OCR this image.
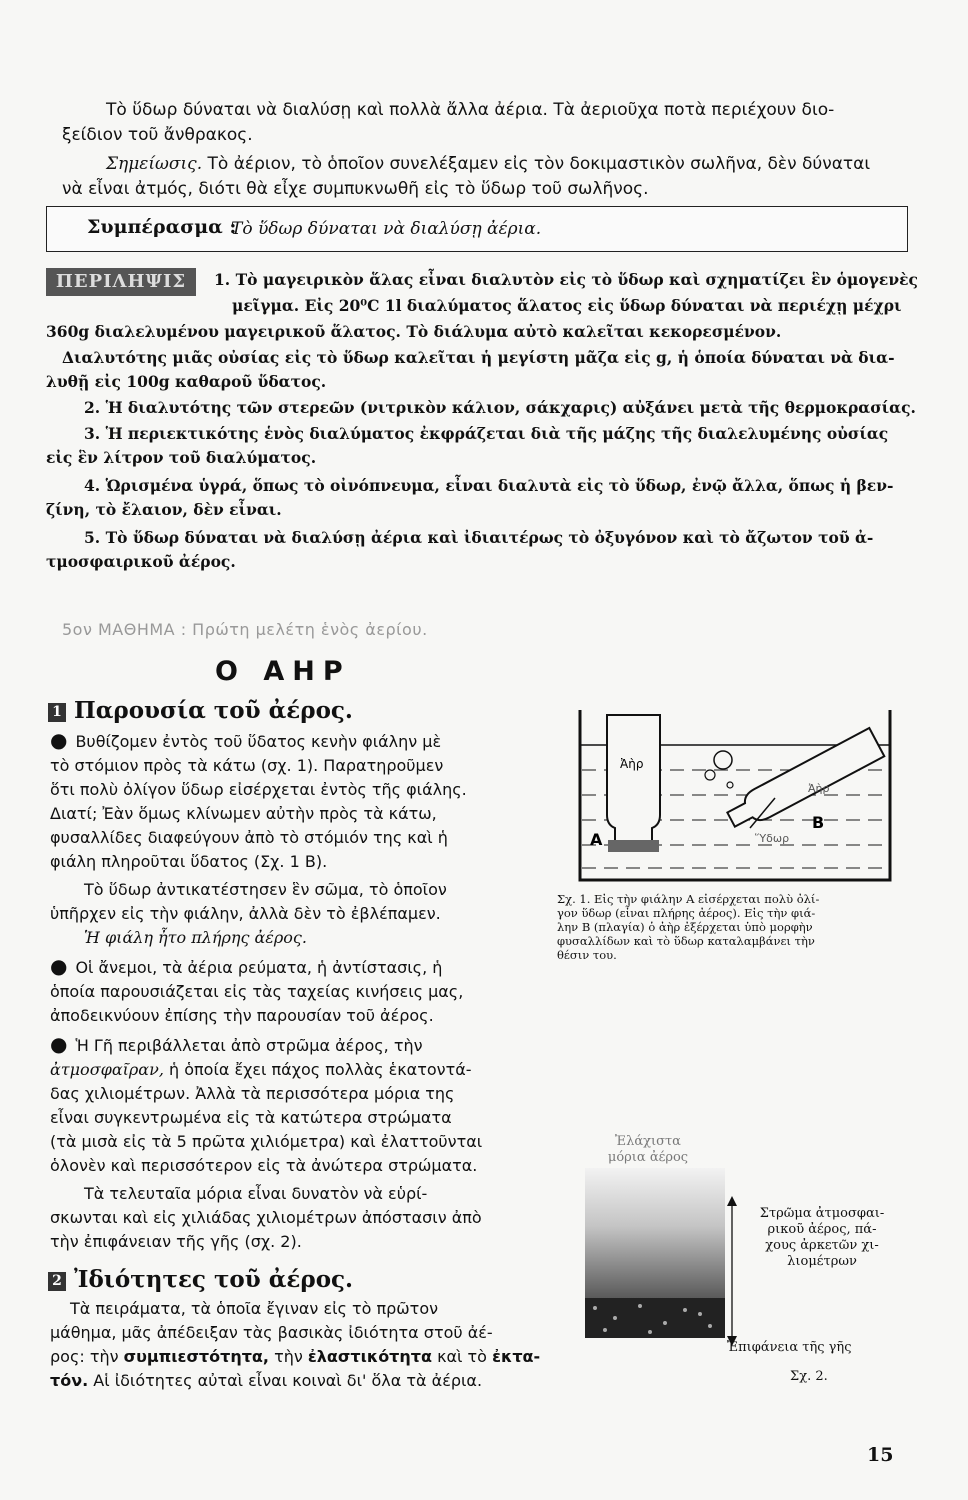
Τὸ ὕδωρ δύναται νὰ διαλύσῃ καὶ πολλὰ ἄλλα ἀέρια. Τὰ ἀεριοῦχα ποτὰ περιέχουν διο-
ξείδιον τοῦ ἄνθρακος.
Σημείωσις. Τὸ ἀέριον, τὸ ὁποῖον συνελέξαμεν εἰς τὸν δοκιμαστικὸν σωλῆνα, δὲν δύναται
νὰ εἶναι ἀτμός, διότι θὰ εἶχε συμπυκνωθῆ εἰς τὸ ὕδωρ τοῦ σωλῆνος.
Συμπέρασμα :
Τὸ ὕδωρ δύναται νὰ διαλύσῃ ἀέρια.
ΠΕΡΙΛΗΨΙΣ	1. Τὸ μαγειρικὸν ἅλας εἶναι διαλυτὸν εἰς τὸ ὕδωρ καὶ σχηματίζει ἓν ὁμογενὲς
μεῖγμα. Εἰς 20⁰C 1l διαλύματος ἅλατος εἰς ὕδωρ δύναται νὰ περιέχῃ μέχρι
360g διαλελυμένου μαγειρικοῦ ἅλατος. Τὸ διάλυμα αὐτὸ καλεῖται κεκορεσμένον.
Διαλυτότης μιᾶς οὐσίας εἰς τὸ ὕδωρ καλεῖται ἡ μεγίστη μᾶζα εἰς g, ἡ ὁποία δύναται νὰ δια-
λυθῇ εἰς 100g καθαροῦ ὕδατος.
2. Ἡ διαλυτότης τῶν στερεῶν (νιτρικὸν κάλιον, σάκχαρις) αὐξάνει μετὰ τῆς θερμοκρασίας.
3. Ἡ περιεκτικότης ἑνὸς διαλύματος ἐκφράζεται διὰ τῆς μάζης τῆς διαλελυμένης οὐσίας
εἰς ἓν λίτρον τοῦ διαλύματος.
4. Ὡρισμένα ὑγρά, ὅπως τὸ οἰνόπνευμα, εἶναι διαλυτὰ εἰς τὸ ὕδωρ, ἐνῷ ἄλλα, ὅπως ἡ βεν-
ζίνη, τὸ ἔλαιον, δὲν εἶναι.
5. Τὸ ὕδωρ δύναται νὰ διαλύσῃ ἀέρια καὶ ἰδιαιτέρως τὸ ὀξυγόνον καὶ τὸ ἄζωτον τοῦ ἀ-
τμοσφαιρικοῦ ἀέρος.
5ον ΜΑΘΗΜΑ : Πρώτη μελέτη ἑνὸς ἀερίου.
Ο ΑΗΡ
1 Παρουσία τοῦ ἀέρος.
● Βυθίζομεν ἐντὸς τοῦ ὕδατος κενὴν φιάλην μὲ
τὸ στόμιον πρὸς τὰ κάτω (σχ. 1). Παρατηροῦμεν
ὅτι πολὺ ὀλίγον ὕδωρ εἰσέρχεται ἐντὸς τῆς φιάλης.
Διατί; Ἐὰν ὅμως κλίνωμεν αὐτὴν πρὸς τὰ κάτω,
φυσαλλίδες διαφεύγουν ἀπὸ τὸ στόμιόν της καὶ ἡ
φιάλη πληροῦται ὕδατος (Σχ. 1 Β).
Τὸ ὕδωρ ἀντικατέστησεν ἓν σῶμα, τὸ ὁποῖον
ὑπῆρχεν εἰς τὴν φιάλην, ἀλλὰ δὲν τὸ ἐβλέπαμεν.
Ἡ φιάλη ἦτο πλήρης ἀέρος.
● Οἱ ἄνεμοι, τὰ ἀέρια ρεύματα, ἡ ἀντίστασις, ἡ
ὁποία παρουσιάζεται εἰς τὰς ταχείας κινήσεις μας,
ἀποδεικνύουν ἐπίσης τὴν παρουσίαν τοῦ ἀέρος.
● Ἡ Γῆ περιβάλλεται ἀπὸ στρῶμα ἀέρος, τὴν
ἀτμοσφαῖραν, ἡ ὁποία ἔχει πάχος πολλὰς ἑκατοντά-
δας χιλιομέτρων. Ἀλλὰ τὰ περισσότερα μόρια της
εἶναι συγκεντρωμένα εἰς τὰ κατώτερα στρώματα
(τὰ μισὰ εἰς τὰ 5 πρῶτα χιλιόμετρα) καὶ ἐλαττοῦνται
ὁλονὲν καὶ περισσότερον εἰς τὰ ἀνώτερα στρώματα.
Τὰ τελευταῖα μόρια εἶναι δυνατὸν νὰ εὑρί-
σκωνται καὶ εἰς χιλιάδας χιλιομέτρων ἀπόστασιν ἀπὸ
τὴν ἐπιφάνειαν τῆς γῆς (σχ. 2).
2 Ἰδιότητες τοῦ ἀέρος.
Τὰ πειράματα, τὰ ὁποῖα ἔγιναν εἰς τὸ πρῶτον
μάθημα, μᾶς ἀπέδειξαν τὰς βασικὰς ἰδιότητα στοῦ ἀέ-
ρος: τὴν συμπιεστότητα, τὴν ἐλαστικότητα καὶ τὸ ἐκτα-
τόν. Αἱ ἰδιότητες αὐταὶ εἶναι κοιναὶ δι' ὅλα τὰ ἀέρια.
Ἀὴρ
Ἀὴρ
Ὕδωρ
Α
Β
Σχ. 1. Εἰς τὴν φιάλην Α εἰσέρχεται πολὺ ὀλί-
γον ὕδωρ (εἶναι πλήρης ἀέρος). Εἰς τὴν φιά-
λην Β (πλαγία) ὁ ἀὴρ ἐξέρχεται ὑπὸ μορφὴν
φυσαλλίδων καὶ τὸ ὕδωρ καταλαμβάνει τὴν
θέσιν του.
Ἐλάχιστα
μόρια ἀέρος
Στρῶμα ἀτμοσφαι-
ρικοῦ ἀέρος, πά-
χους ἀρκετῶν χι-
λιομέτρων
Ἐπιφάνεια τῆς γῆς
Σχ. 2.
15
